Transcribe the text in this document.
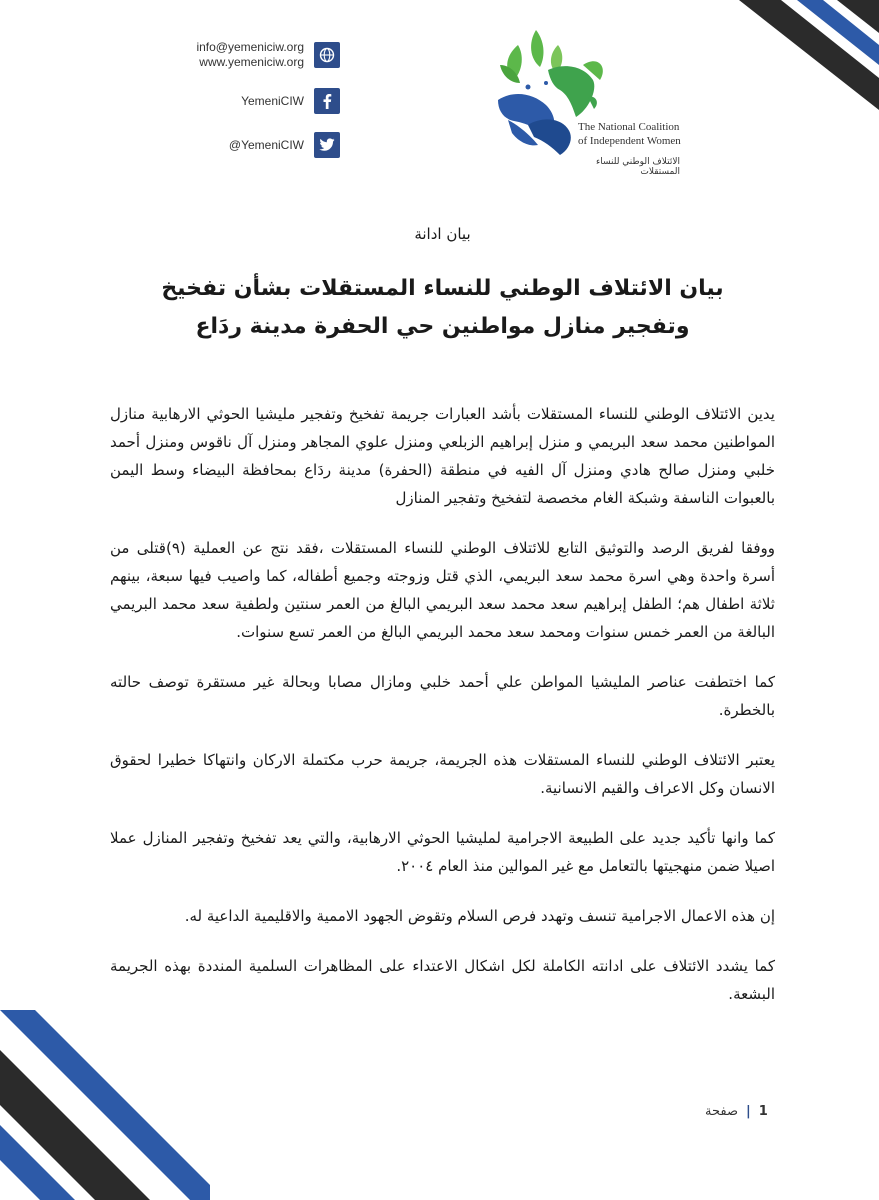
info@yemeniciw.org
www.yemeniciw.org
YemeniCIW
@YemeniCIW
The National Coalition
of Independent Women
الائتلاف الوطني للنساء المستقلات
بيان ادانة
بيان الائتلاف الوطني للنساء المستقلات بشأن تفخيخ
وتفجير منازل مواطنين حي الحفرة مدينة ردَاع

يدين الائتلاف الوطني للنساء المستقلات بأشد العبارات جريمة تفخيخ وتفجير ملیشیا الحوثي الارهابية منازل المواطنين محمد سعد البريمي و منزل إبراهيم الزبلعي ومنزل علوي المجاهر ومنزل آل ناقوس ومنزل أحمد خلبي ومنزل صالح هادي ومنزل آل الفيه في منطقة (الحفرة) مدينة ردَاع بمحافظة البيضاء وسط اليمن بالعبوات الناسفة وشبكة الغام مخصصة لتفخيخ وتفجير المنازل

ووفقا لفريق الرصد والتوثيق التابع للائتلاف الوطني للنساء المستقلات ،فقد نتج عن العملية (٩)قتلى من أسرة واحدة وهي اسرة محمد سعد البريمي، الذي قتل وزوجته وجميع أطفاله، كما واصيب فيها سبعة، بينهم ثلاثة اطفال هم؛ الطفل إبراهيم سعد محمد سعد البريمي البالغ من العمر سنتين ولطفية سعد محمد البريمي البالغة من العمر خمس سنوات ومحمد سعد محمد البريمي البالغ من العمر تسع سنوات.

كما اختطفت عناصر المليشيا المواطن علي أحمد خلبي ومازال مصابا وبحالة غير مستقرة توصف حالته بالخطرة.

يعتبر الائتلاف الوطني للنساء المستقلات هذه الجريمة، جريمة حرب مكتملة الاركان وانتهاكا خطيرا لحقوق الانسان وكل الاعراف والقيم الانسانية.

كما وانها تأكيد جديد على الطبيعة الاجرامية لمليشيا الحوثي الارهابية، والتي يعد تفخيخ وتفجير المنازل عملا اصيلا ضمن منهجيتها بالتعامل مع غير الموالين منذ العام ٢٠٠٤.

إن هذه الاعمال الاجرامية تنسف وتهدد فرص السلام وتقوض الجهود الاممية والاقليمية الداعية له.

كما يشدد الائتلاف على ادانته الكاملة لكل اشكال الاعتداء على المظاهرات السلمية المنددة بهذه الجريمة البشعة.

1
|
صفحة
